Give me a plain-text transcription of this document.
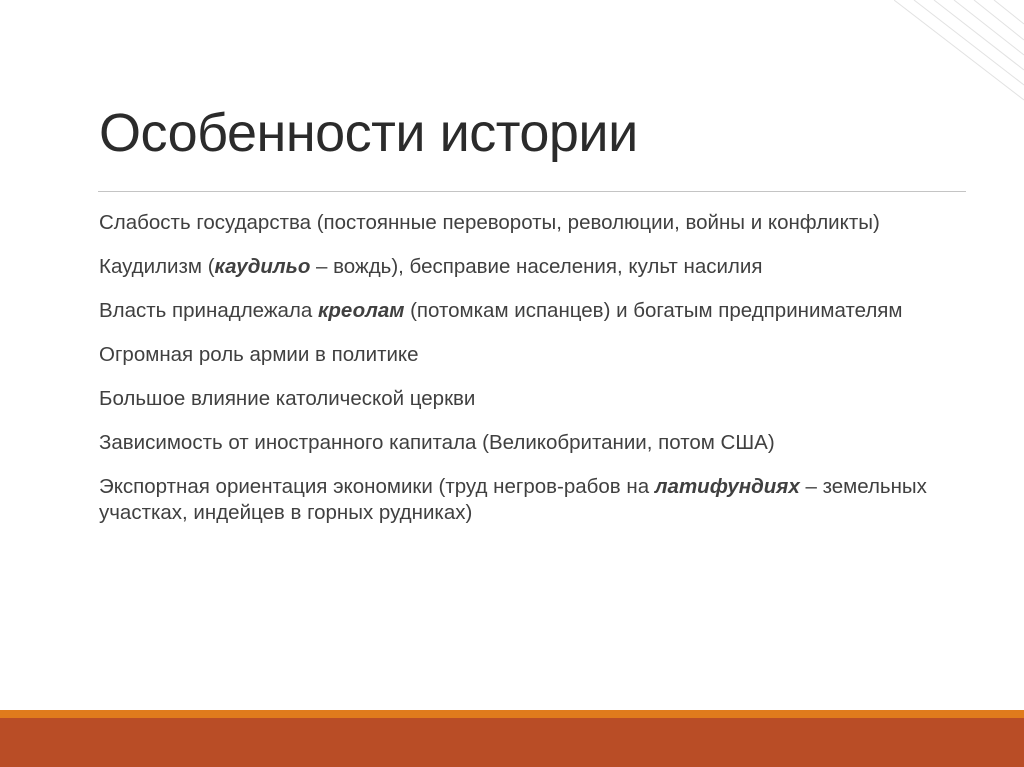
Особенности истории
Слабость государства (постоянные перевороты, революции, войны и конфликты)
Каудилизм (каудильо – вождь), бесправие населения, культ насилия
Власть принадлежала креолам (потомкам испанцев) и богатым предпринимателям
Огромная роль армии в политике
Большое влияние католической церкви
Зависимость от иностранного капитала (Великобритании, потом США)
Экспортная ориентация экономики (труд негров-рабов на латифундиях – земельных участках, индейцев в горных рудниках)
